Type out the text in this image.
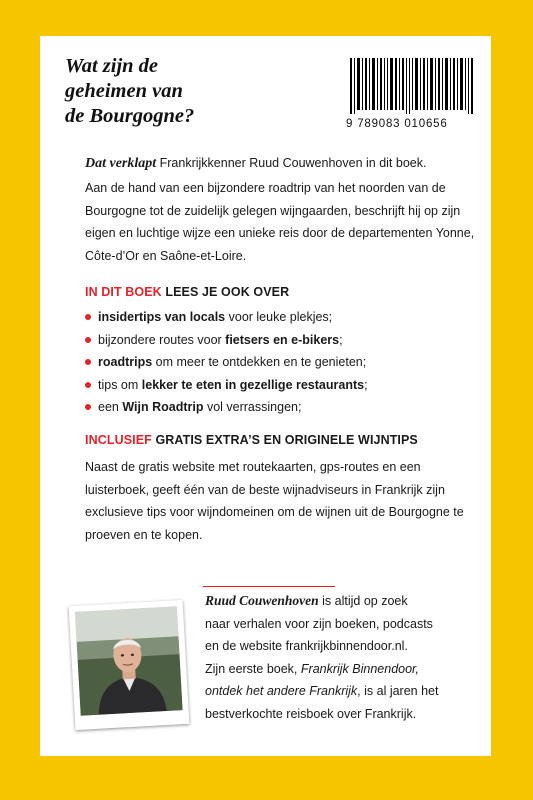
Wat zijn de
geheimen van
de Bourgogne?	9 789083 010656
Dat verklapt Frankrijkkenner Ruud Couwenhoven in dit boek.
Aan de hand van een bijzondere roadtrip van het noorden van de Bourgogne tot de zuidelijk gelegen wijngaarden, beschrijft hij op zijn eigen en luchtige wijze een unieke reis door de departementen Yonne, Côte-d’Or en Saône-et-Loire.
IN DIT BOEK LEES JE OOK OVER
insidertips van locals voor leuke plekjes;
bijzondere routes voor fietsers en e-bikers;
roadtrips om meer te ontdekken en te genieten;
tips om lekker te eten in gezellige restaurants;
een Wijn Roadtrip vol verrassingen;
INCLUSIEF GRATIS EXTRA’S EN ORIGINELE WIJNTIPS
Naast de gratis website met routekaarten, gps-routes en een luisterboek, geeft één van de beste wijnadviseurs in Frankrijk zijn exclusieve tips voor wijndomeinen om de wijnen uit de Bourgogne te proeven en te kopen.
Ruud Couwenhoven is altijd op zoek
naar verhalen voor zijn boeken, podcasts
en de website frankrijkbinnendoor.nl.
Zijn eerste boek, Frankrijk Binnendoor,
ontdek het andere Frankrijk, is al jaren het
bestverkochte reisboek over Frankrijk.
